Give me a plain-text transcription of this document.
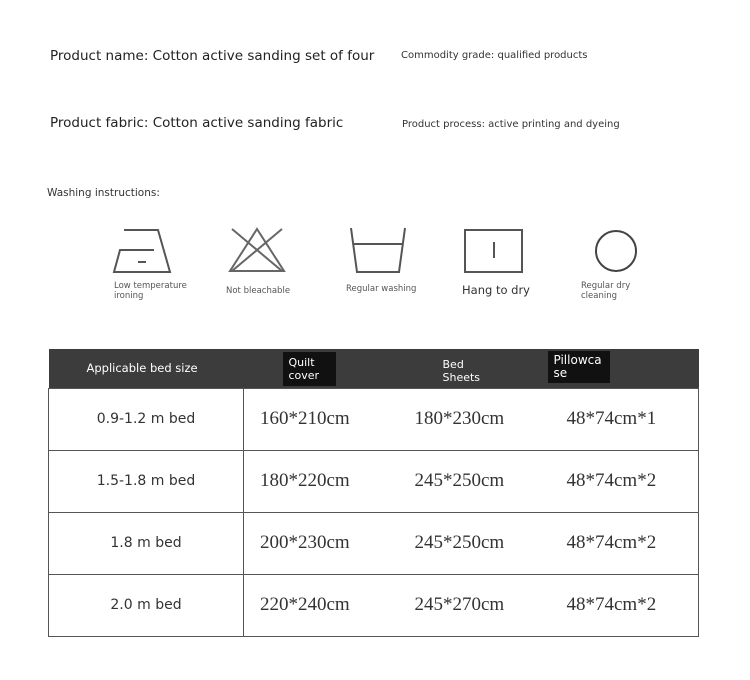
Product name: Cotton active sanding set of four	Commodity grade: qualified products
Product fabric: Cotton active sanding fabric	Product process: active printing and dyeing
Washing instructions:
Low temperature ironing	Not bleachable	Regular washing	Hang to dry	Regular dry cleaning
Applicable bed size	Quilt cover	Bed Sheets	Pillowcase

0.9-1.2 m bed	160*210cm	180*230cm	48*74cm*1
1.5-1.8 m bed	180*220cm	245*250cm	48*74cm*2
1.8 m bed	200*230cm	245*250cm	48*74cm*2
2.0 m bed	220*240cm	245*270cm	48*74cm*2
